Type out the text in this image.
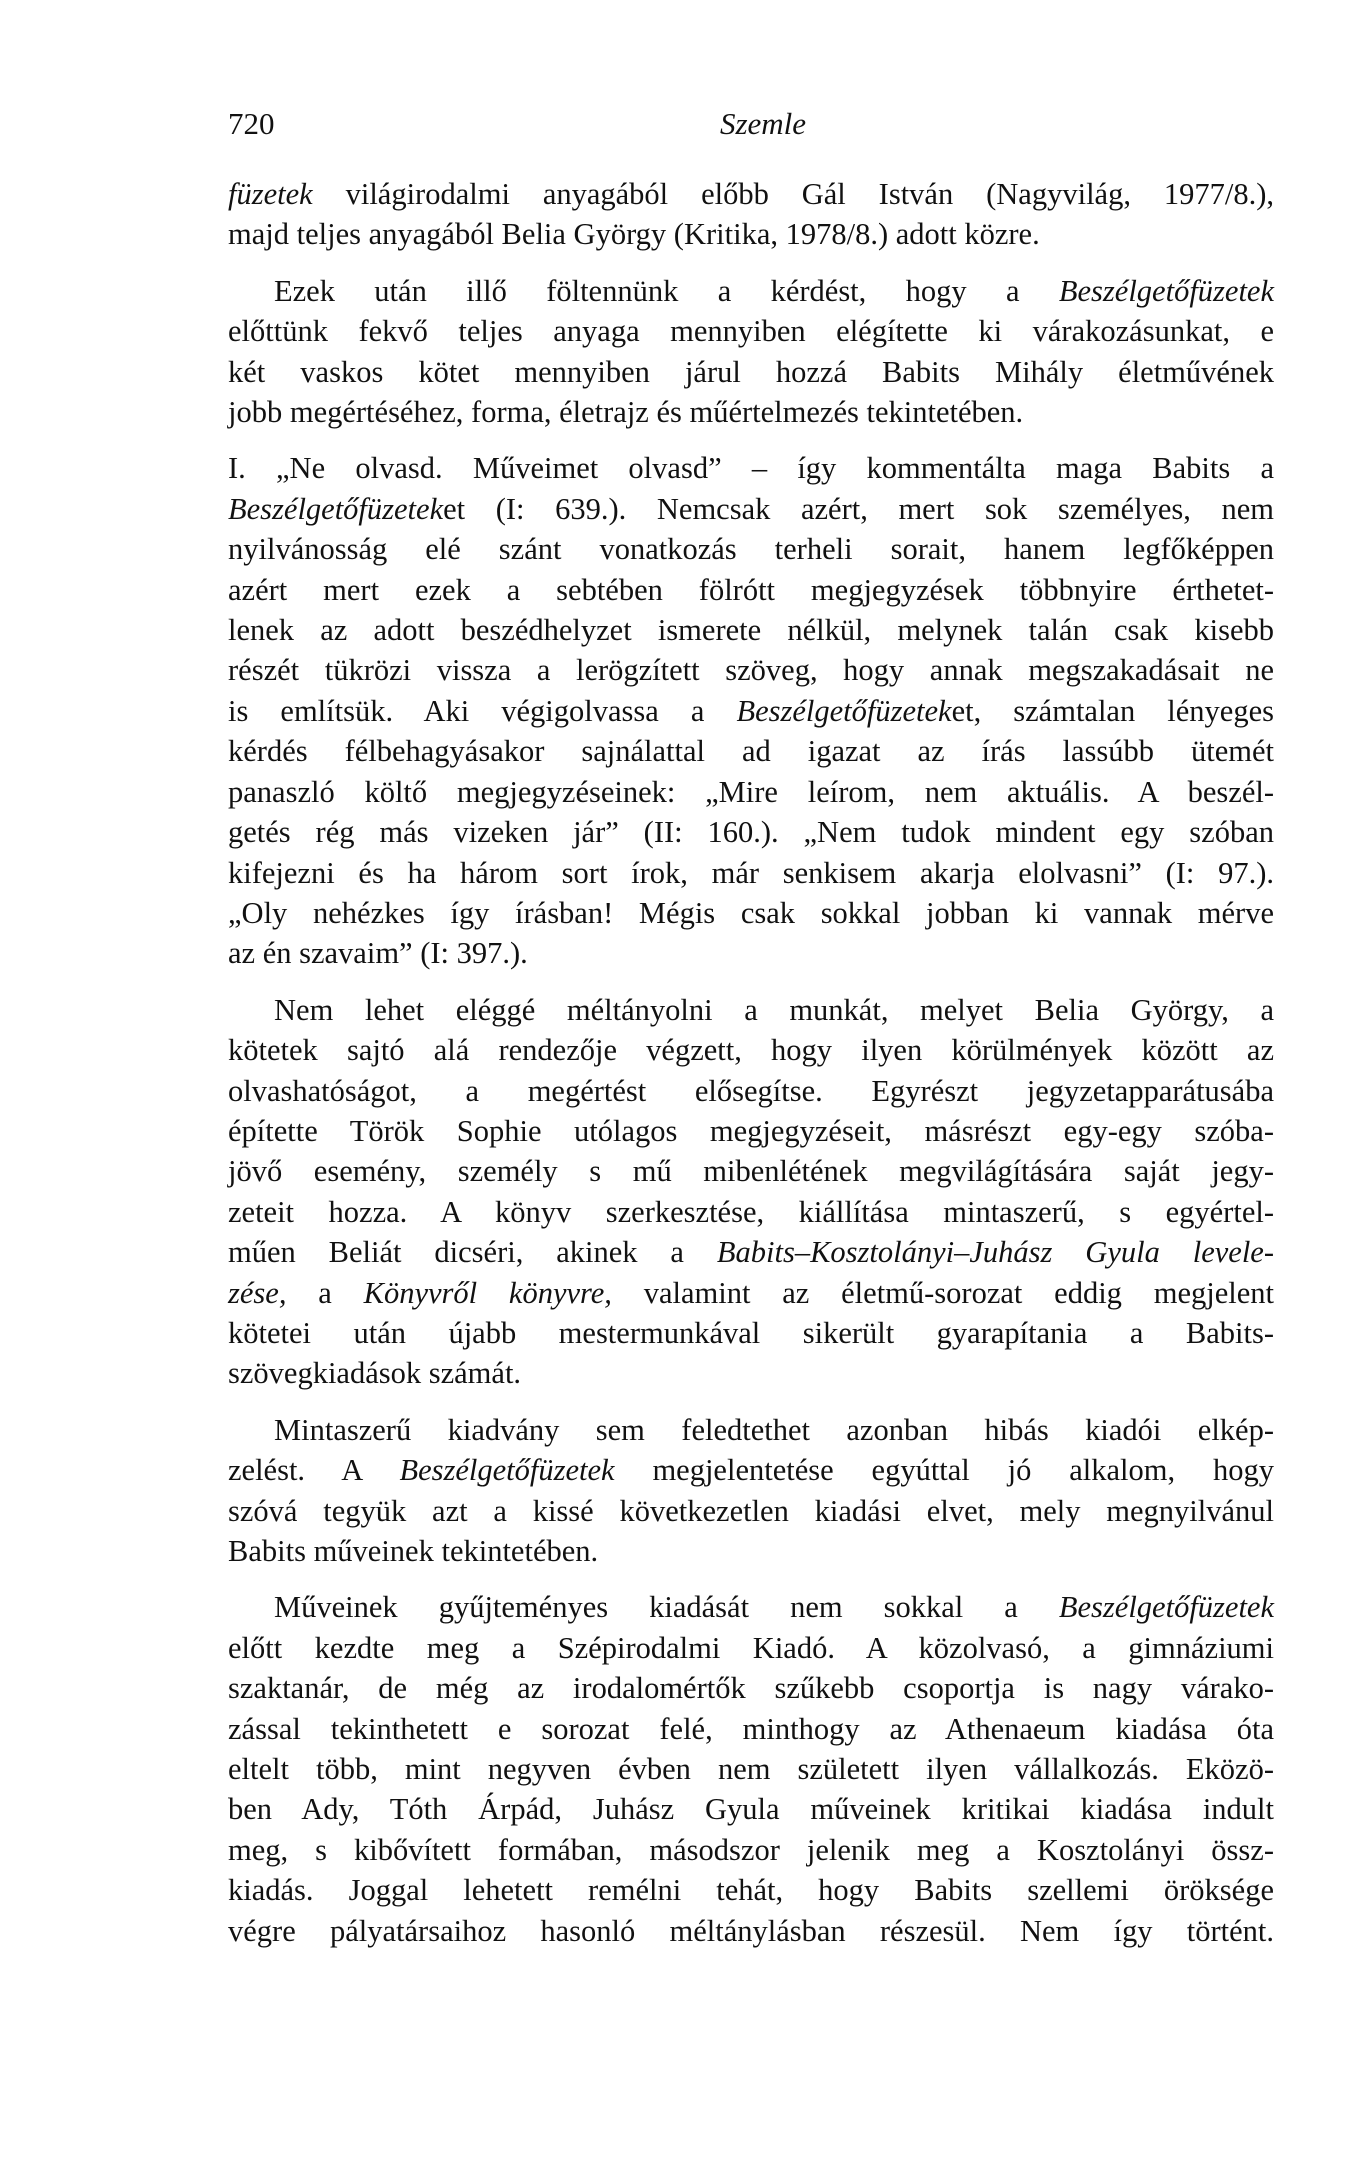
720	Szemle

füzetek világirodalmi anyagából előbb Gál István (Nagyvilág, 1977/8.),
majd teljes anyagából Belia György (Kritika, 1978/8.) adott közre.

Ezek után illő föltennünk a kérdést, hogy a Beszélgetőfüzetek
előttünk fekvő teljes anyaga mennyiben elégítette ki várakozásunkat, e
két vaskos kötet mennyiben járul hozzá Babits Mihály életművének
jobb megértéséhez, forma, életrajz és műértelmezés tekintetében.

I. „Ne olvasd. Műveimet olvasd” – így kommentálta maga Babits a
Beszélgetőfüzeteket (I: 639.). Nemcsak azért, mert sok személyes, nem
nyilvánosság elé szánt vonatkozás terheli sorait, hanem legfőképpen
azért mert ezek a sebtében fölrótt megjegyzések többnyire érthetet-
lenek az adott beszédhelyzet ismerete nélkül, melynek talán csak kisebb
részét tükrözi vissza a lerögzített szöveg, hogy annak megszakadásait ne
is említsük. Aki végigolvassa a Beszélgetőfüzeteket, számtalan lényeges
kérdés félbehagyásakor sajnálattal ad igazat az írás lassúbb ütemét
panaszló költő megjegyzéseinek: „Mire leírom, nem aktuális. A beszél-
getés rég más vizeken jár” (II: 160.). „Nem tudok mindent egy szóban
kifejezni és ha három sort írok, már senkisem akarja elolvasni” (I: 97.).
„Oly nehézkes így írásban! Mégis csak sokkal jobban ki vannak mérve
az én szavaim” (I: 397.).

Nem lehet eléggé méltányolni a munkát, melyet Belia György, a
kötetek sajtó alá rendezője végzett, hogy ilyen körülmények között az
olvashatóságot, a megértést elősegítse. Egyrészt jegyzetapparátusába
építette Török Sophie utólagos megjegyzéseit, másrészt egy-egy szóba-
jövő esemény, személy s mű mibenlétének megvilágítására saját jegy-
zeteit hozza. A könyv szerkesztése, kiállítása mintaszerű, s egyértel-
műen Beliát dicséri, akinek a Babits–Kosztolányi–Juhász Gyula levele-
zése, a Könyvről könyvre, valamint az életmű-sorozat eddig megjelent
kötetei után újabb mestermunkával sikerült gyarapítania a Babits-
szövegkiadások számát.

Mintaszerű kiadvány sem feledtethet azonban hibás kiadói elkép-
zelést. A Beszélgetőfüzetek megjelentetése egyúttal jó alkalom, hogy
szóvá tegyük azt a kissé következetlen kiadási elvet, mely megnyilvánul
Babits műveinek tekintetében.

Műveinek gyűjteményes kiadását nem sokkal a Beszélgetőfüzetek
előtt kezdte meg a Szépirodalmi Kiadó. A közolvasó, a gimnáziumi
szaktanár, de még az irodalomértők szűkebb csoportja is nagy várako-
zással tekinthetett e sorozat felé, minthogy az Athenaeum kiadása óta
eltelt több, mint negyven évben nem született ilyen vállalkozás. Eközö-
ben Ady, Tóth Árpád, Juhász Gyula műveinek kritikai kiadása indult
meg, s kibővített formában, másodszor jelenik meg a Kosztolányi össz-
kiadás. Joggal lehetett remélni tehát, hogy Babits szellemi öröksége
végre pályatársaihoz hasonló méltánylásban részesül. Nem így történt.
